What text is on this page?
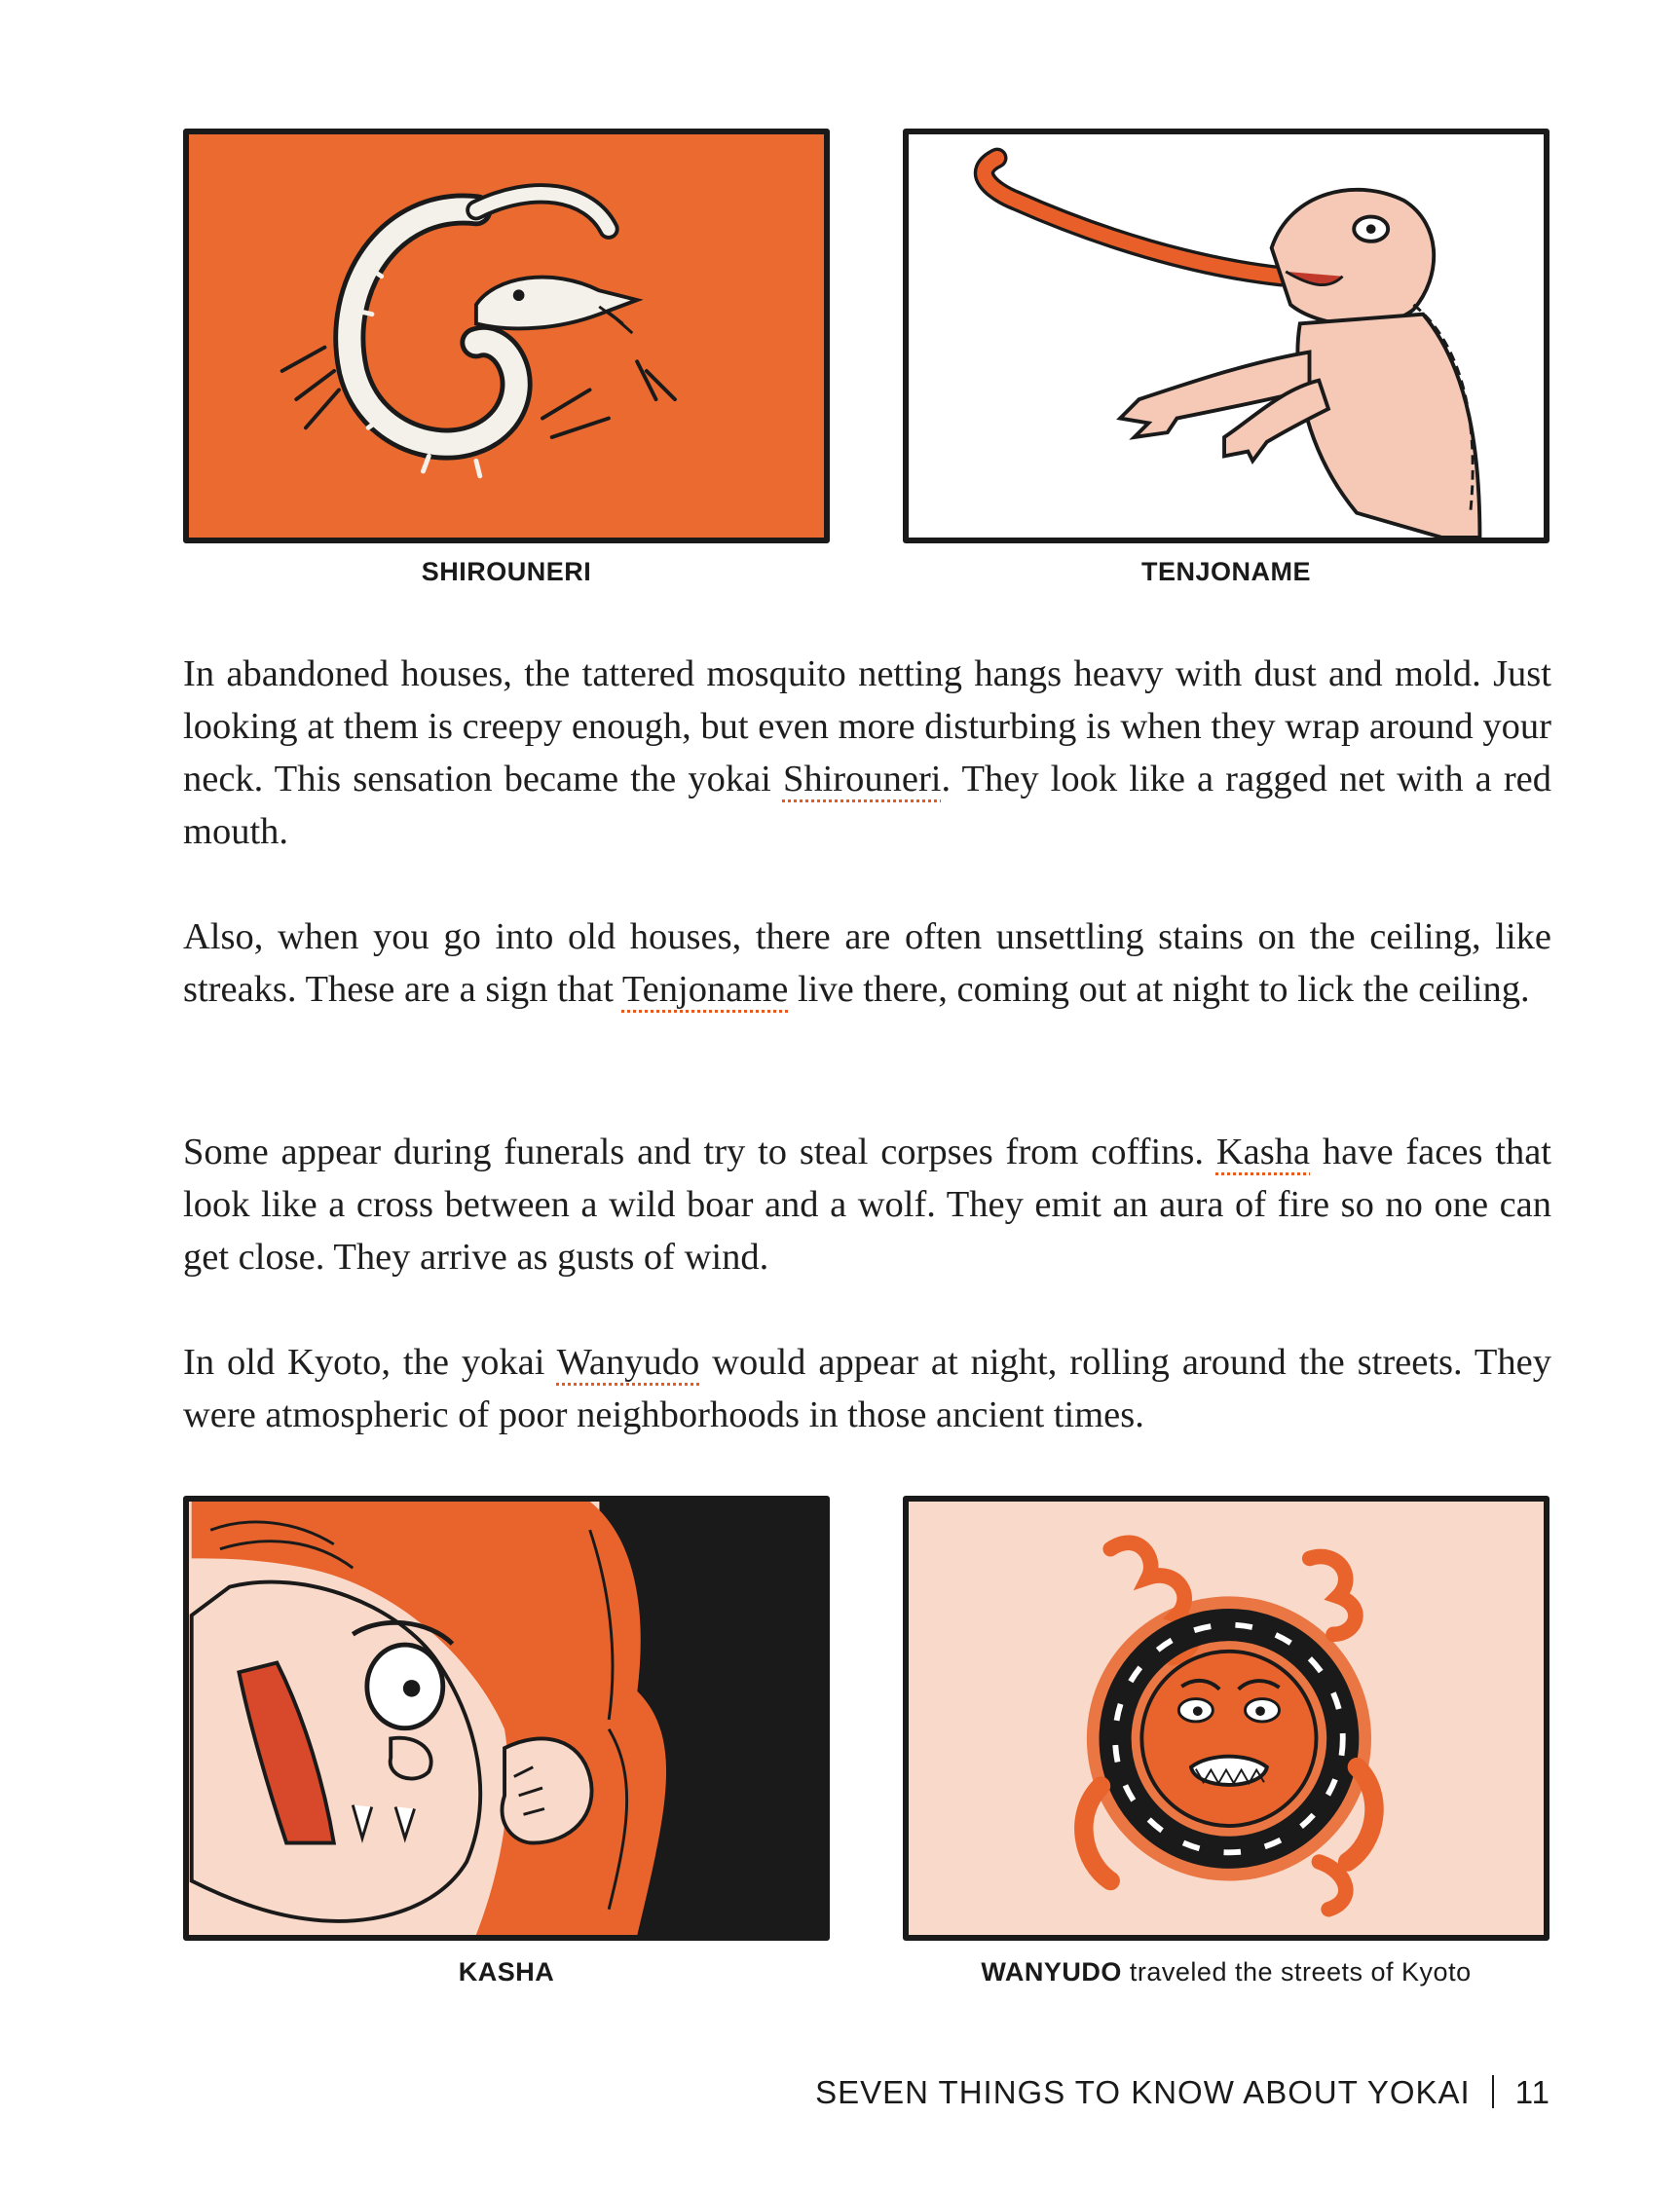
SHIROUNERI	TENJONAME

In abandoned houses, the tattered mosquito netting hangs heavy with dust and mold. Just looking at them is creepy enough, but even more disturbing is when they wrap around your neck. This sensation became the yokai Shirouneri. They look like a ragged net with a red mouth.

Also, when you go into old houses, there are often unsettling stains on the ceiling, like streaks. These are a sign that Tenjoname live there, coming out at night to lick the ceiling.

Some appear during funerals and try to steal corpses from coffins. Kasha have faces that look like a cross between a wild boar and a wolf. They emit an aura of fire so no one can get close. They arrive as gusts of wind.

In old Kyoto, the yokai Wanyudo would appear at night, rolling around the streets. They were atmospheric of poor neighborhoods in those ancient times.

KASHA	WANYUDO traveled the streets of Kyoto
SEVEN THINGS TO KNOW ABOUT YOKAI 11
